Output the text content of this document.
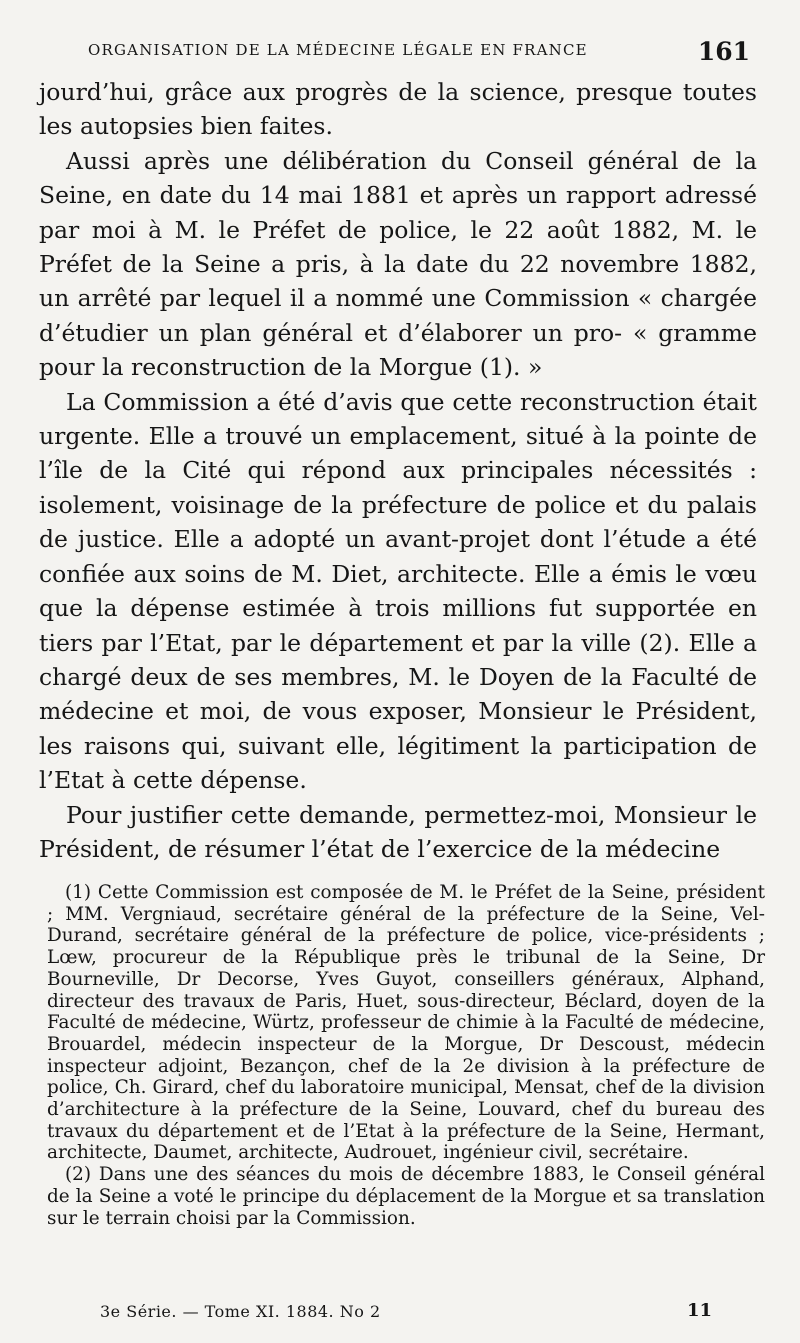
ORGANISATION DE LA MÉDECINE LÉGALE EN FRANCE	161

jourd’hui, grâce aux progrès de la science, presque toutes les autopsies bien faites.

Aussi après une délibération du Conseil général de la Seine, en date du 14 mai 1881 et après un rapport adressé par moi à M. le Préfet de police, le 22 août 1882, M. le Préfet de la Seine a pris, à la date du 22 novembre 1882, un arrêté par lequel il a nommé une Commission « chargée d’étudier un plan général et d’élaborer un pro- « gramme pour la reconstruction de la Morgue (1). »

La Commission a été d’avis que cette reconstruction était urgente. Elle a trouvé un emplacement, situé à la pointe de l’île de la Cité qui répond aux principales nécessités : isolement, voisinage de la préfecture de police et du palais de justice. Elle a adopté un avant-projet dont l’étude a été confiée aux soins de M. Diet, architecte. Elle a émis le vœu que la dépense estimée à trois millions fut supportée en tiers par l’Etat, par le département et par la ville (2). Elle a chargé deux de ses membres, M. le Doyen de la Faculté de médecine et moi, de vous exposer, Monsieur le Président, les raisons qui, suivant elle, légitiment la participation de l’Etat à cette dépense.

Pour justifier cette demande, permettez-moi, Monsieur le Président, de résumer l’état de l’exercice de la médecine

(1) Cette Commission est composée de M. le Préfet de la Seine, président ; MM. Vergniaud, secrétaire général de la préfecture de la Seine, Vel-Durand, secrétaire général de la préfecture de police, vice-présidents ; Lœw, procureur de la République près le tribunal de la Seine, Dr Bourneville, Dr Decorse, Yves Guyot, conseillers généraux, Alphand, directeur des travaux de Paris, Huet, sous-directeur, Béclard, doyen de la Faculté de médecine, Würtz, professeur de chimie à la Faculté de médecine, Brouardel, médecin inspecteur de la Morgue, Dr Descoust, médecin inspecteur adjoint, Bezançon, chef de la 2e division à la préfecture de police, Ch. Girard, chef du laboratoire municipal, Mensat, chef de la division d’architecture à la préfecture de la Seine, Louvard, chef du bureau des travaux du département et de l’Etat à la préfecture de la Seine, Hermant, architecte, Daumet, architecte, Audrouet, ingénieur civil, secrétaire.

(2) Dans une des séances du mois de décembre 1883, le Conseil général de la Seine a voté le principe du déplacement de la Morgue et sa translation sur le terrain choisi par la Commission.

3e Série. — Tome XI. 1884. No 2	11
